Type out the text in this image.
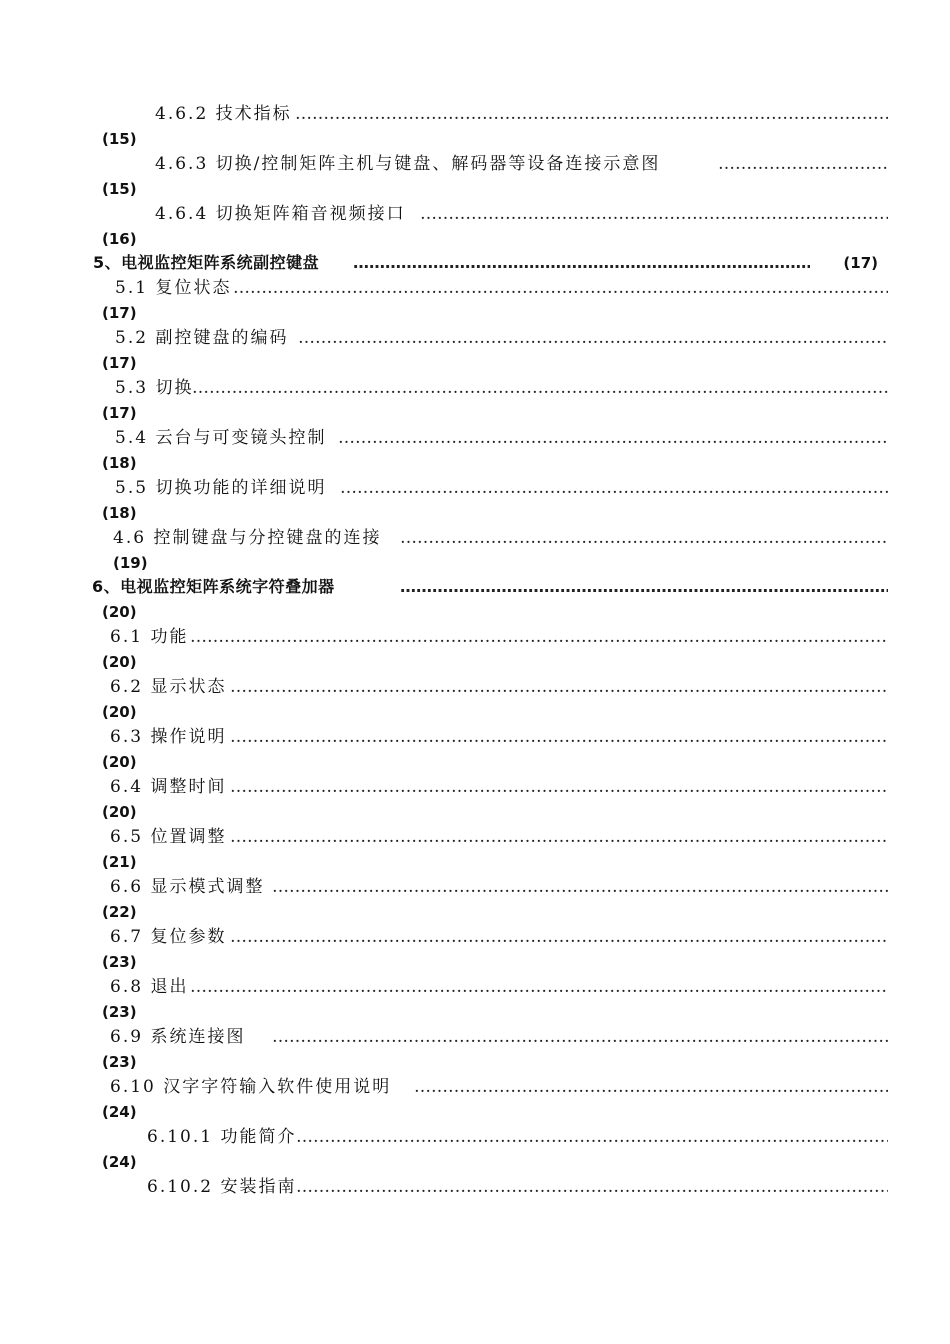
4.6.2 技术指标
…………………………………………………………………………………………………………………………………………………………………………………………………………………………………………
(15)
4.6.3 切换/控制矩阵主机与键盘、解码器等设备连接示意图
…………………………………………………………………………………………………………………………………………………………………………………………………………………………………………
(15)
4.6.4 切换矩阵箱音视频接口
…………………………………………………………………………………………………………………………………………………………………………………………………………………………………………
(16)
5、电视监控矩阵系统副控键盘
…………………………………………………………………………………………………………………………………………………………………………………………………………………………………………	(17)
5.1 复位状态
…………………………………………………………………………………………………………………………………………………………………………………………………………………………………………
(17)
5.2 副控键盘的编码
…………………………………………………………………………………………………………………………………………………………………………………………………………………………………………
(17)
5.3 切换
…………………………………………………………………………………………………………………………………………………………………………………………………………………………………………
(17)
5.4 云台与可变镜头控制
…………………………………………………………………………………………………………………………………………………………………………………………………………………………………………
(18)
5.5 切换功能的详细说明
…………………………………………………………………………………………………………………………………………………………………………………………………………………………………………
(18)
4.6 控制键盘与分控键盘的连接
…………………………………………………………………………………………………………………………………………………………………………………………………………………………………………
(19)
6、电视监控矩阵系统字符叠加器
…………………………………………………………………………………………………………………………………………………………………………………………………………………………………………
(20)
6.1 功能
…………………………………………………………………………………………………………………………………………………………………………………………………………………………………………
(20)
6.2 显示状态
…………………………………………………………………………………………………………………………………………………………………………………………………………………………………………
(20)
6.3 操作说明
…………………………………………………………………………………………………………………………………………………………………………………………………………………………………………
(20)
6.4 调整时间
…………………………………………………………………………………………………………………………………………………………………………………………………………………………………………
(20)
6.5 位置调整
…………………………………………………………………………………………………………………………………………………………………………………………………………………………………………
(21)
6.6 显示模式调整
…………………………………………………………………………………………………………………………………………………………………………………………………………………………………………
(22)
6.7 复位参数
…………………………………………………………………………………………………………………………………………………………………………………………………………………………………………
(23)
6.8 退出
…………………………………………………………………………………………………………………………………………………………………………………………………………………………………………
(23)
6.9 系统连接图
…………………………………………………………………………………………………………………………………………………………………………………………………………………………………………
(23)
6.10 汉字字符输入软件使用说明
…………………………………………………………………………………………………………………………………………………………………………………………………………………………………………
(24)
6.10.1 功能简介
…………………………………………………………………………………………………………………………………………………………………………………………………………………………………………
(24)
6.10.2 安装指南
…………………………………………………………………………………………………………………………………………………………………………………………………………………………………………
